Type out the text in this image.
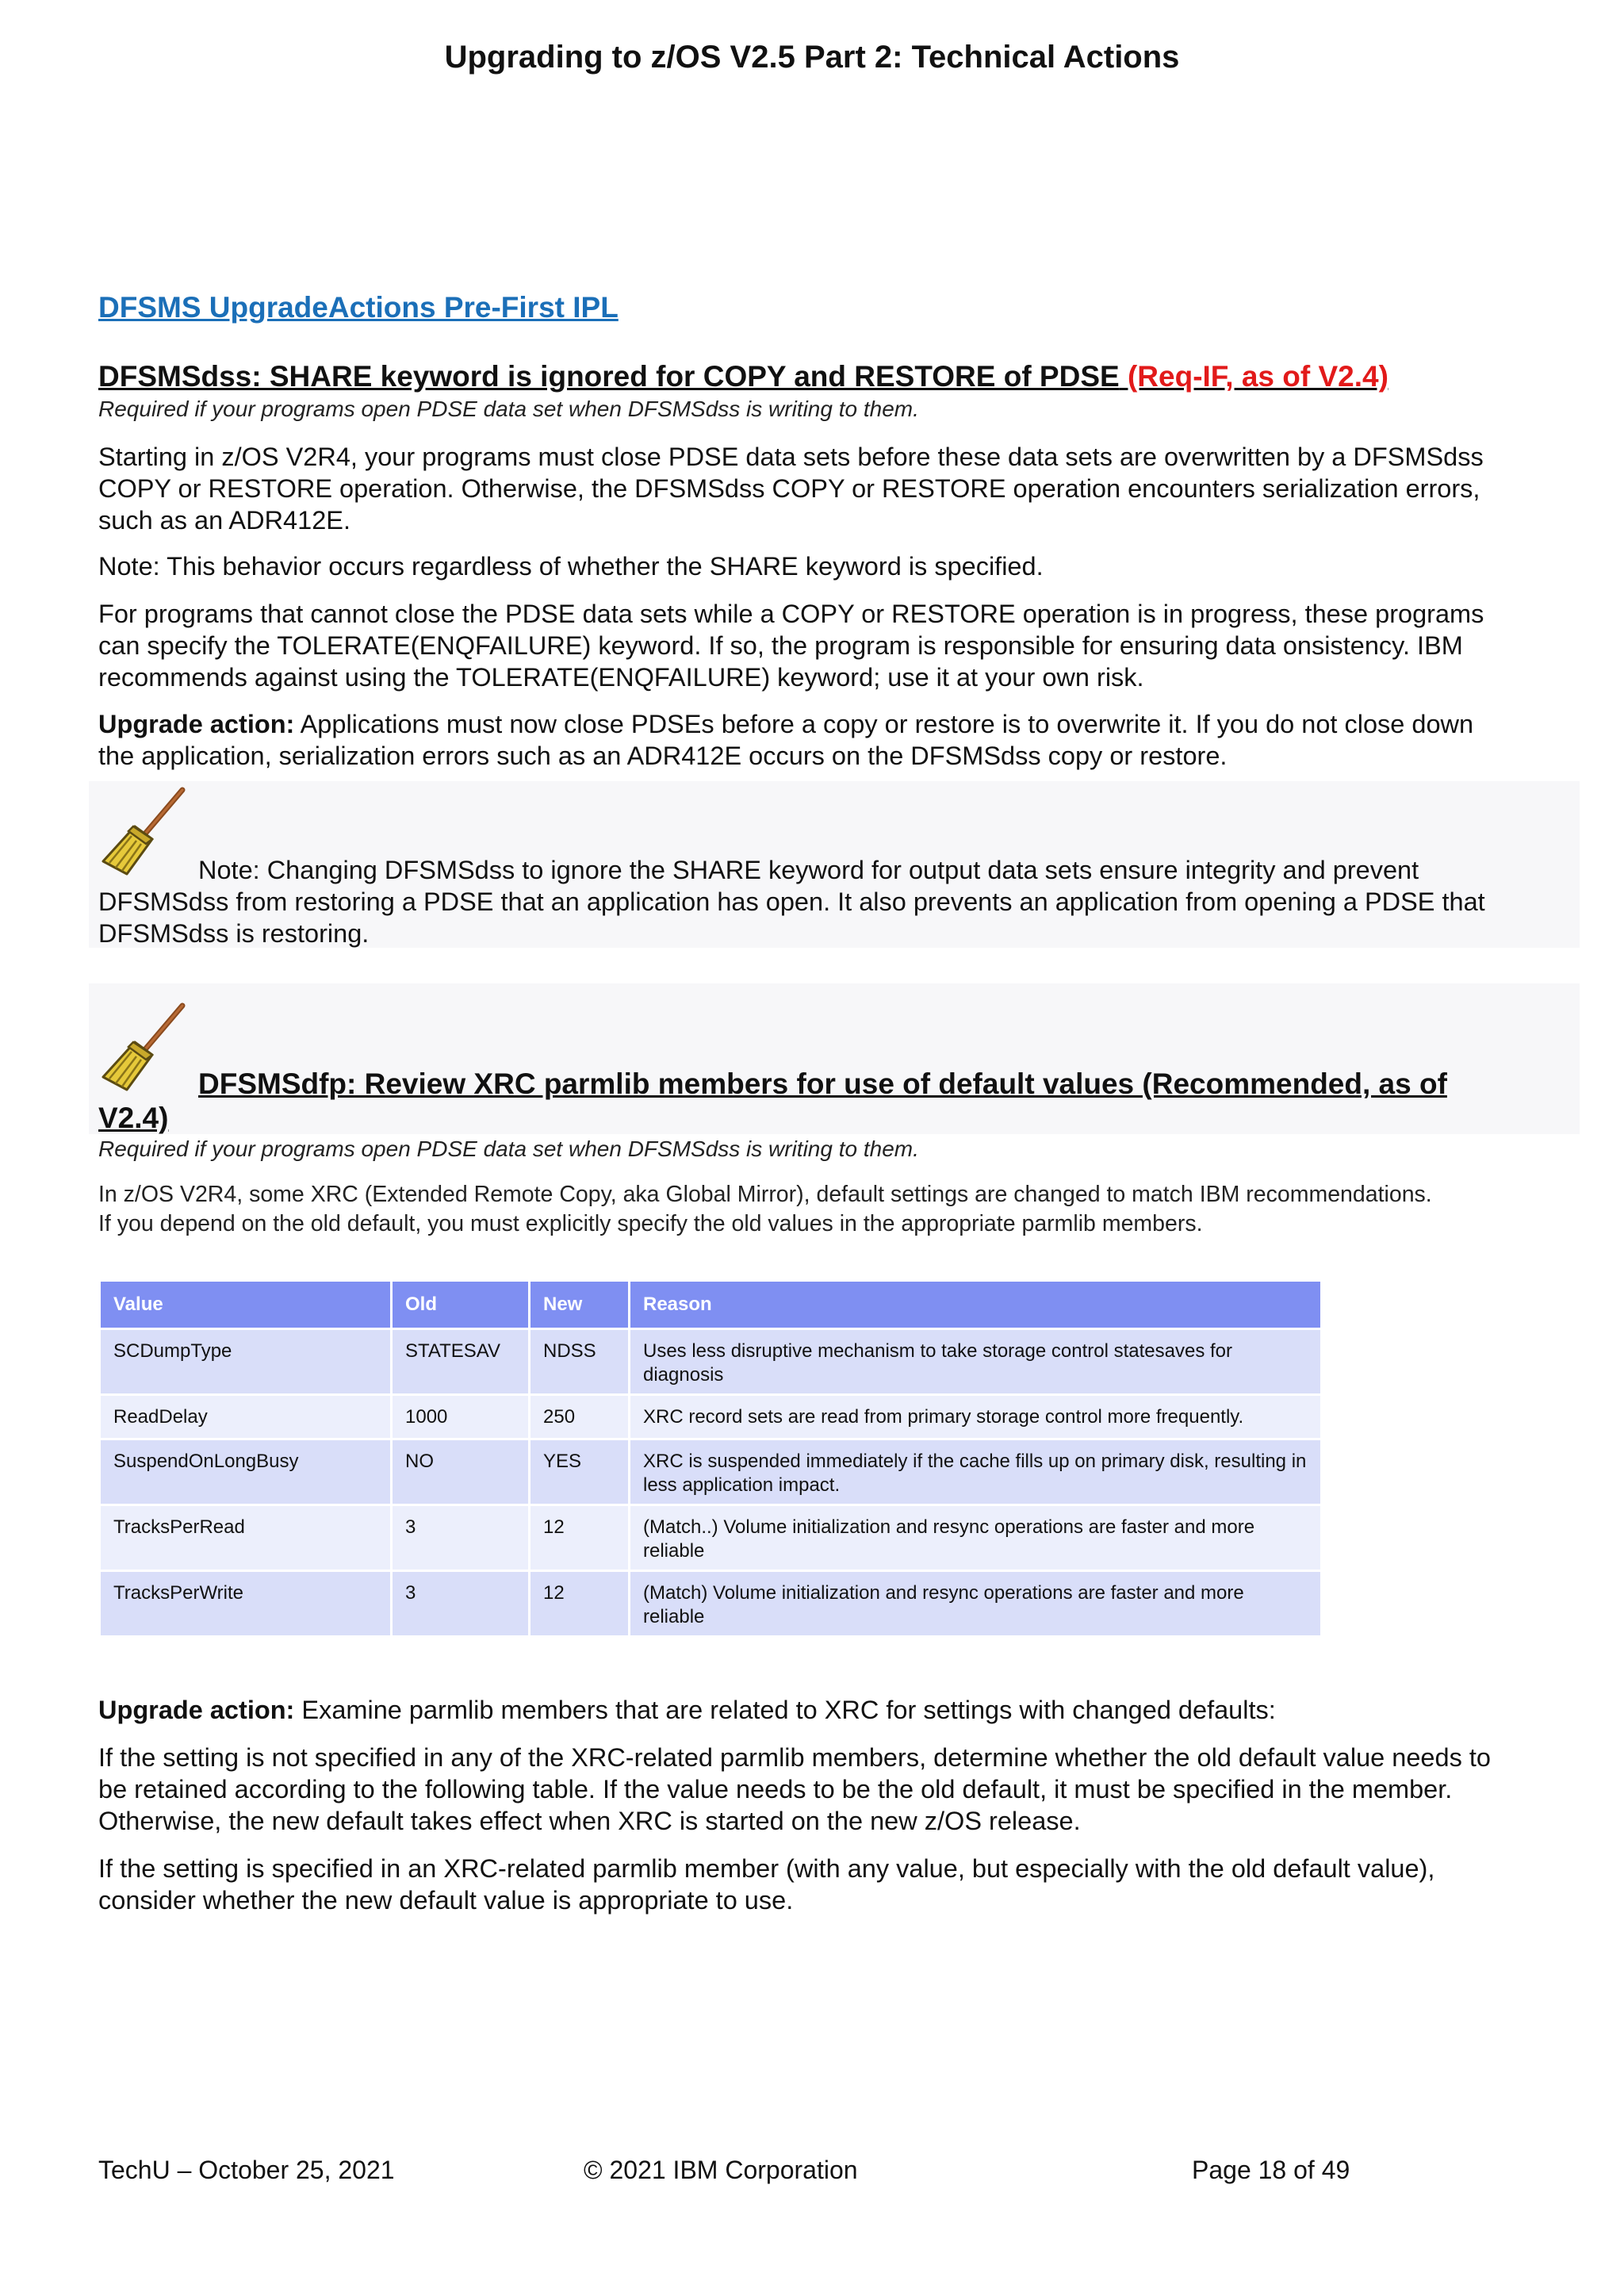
Upgrading to z/OS V2.5 Part 2: Technical Actions
DFSMS UpgradeActions Pre-First IPL
DFSMSdss: SHARE keyword is ignored for COPY and RESTORE of PDSE (Req-IF, as of V2.4)
Required if your programs open PDSE data set when DFSMSdss is writing to them.
Starting in z/OS V2R4, your programs must close PDSE data sets before these data sets are overwritten by a DFSMSdss COPY or RESTORE operation. Otherwise, the DFSMSdss COPY or RESTORE operation encounters serialization errors, such as an ADR412E.
Note: This behavior occurs regardless of whether the SHARE keyword is specified.
For programs that cannot close the PDSE data sets while a COPY or RESTORE operation is in progress, these programs can specify the TOLERATE(ENQFAILURE) keyword. If so, the program is responsible for ensuring data onsistency. IBM recommends against using the TOLERATE(ENQFAILURE) keyword; use it at your own risk.
Upgrade action: Applications must now close PDSEs before a copy or restore is to overwrite it. If you do not close down the application, serialization errors such as an ADR412E occurs on the DFSMSdss copy or restore.
Note: Changing DFSMSdss to ignore the SHARE keyword for output data sets ensure integrity and prevent DFSMSdss from restoring a PDSE that an application has open. It also prevents an application from opening a PDSE that DFSMSdss is restoring.
DFSMSdfp: Review XRC parmlib members for use of default values (Recommended, as of
V2.4)
Required if your programs open PDSE data set when DFSMSdss is writing to them.
In z/OS V2R4, some XRC (Extended Remote Copy, aka Global Mirror), default settings are changed to match IBM recommendations. If you depend on the old default, you must explicitly specify the old values in the appropriate parmlib members.
Value	Old	New	Reason
SCDumpType	STATESAV	NDSS	Uses less disruptive mechanism to take storage control statesaves for diagnosis
ReadDelay	1000	250	XRC record sets are read from primary storage control more frequently.
SuspendOnLongBusy	NO	YES	XRC is suspended immediately if the cache fills up on primary disk, resulting in less application impact.
TracksPerRead	3	12	(Match..) Volume initialization and resync operations are faster and more reliable
TracksPerWrite	3	12	(Match) Volume initialization and resync operations are faster and more reliable
Upgrade action: Examine parmlib members that are related to XRC for settings with changed defaults:
If the setting is not specified in any of the XRC-related parmlib members, determine whether the old default value needs to be retained according to the following table. If the value needs to be the old default, it must be specified in the member. Otherwise, the new default takes effect when XRC is started on the new z/OS release.
If the setting is specified in an XRC-related parmlib member (with any value, but especially with the old default value), consider whether the new default value is appropriate to use.
TechU – October 25, 2021	© 2021 IBM Corporation	Page 18 of 49
